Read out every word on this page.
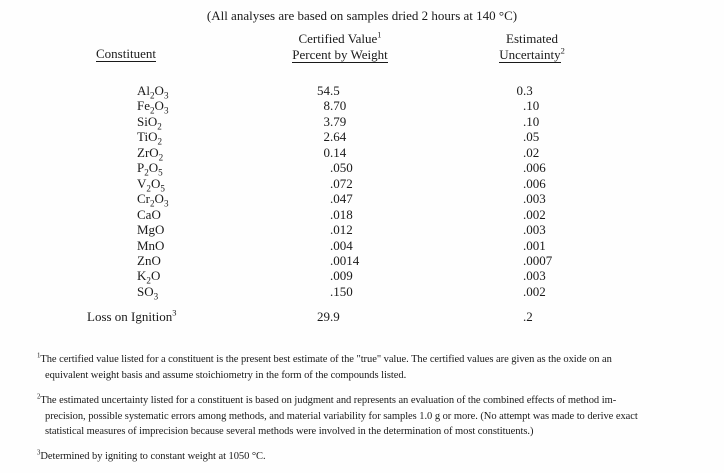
(All analyses are based on samples dried 2 hours at 140 °C)
Constituent
Certified Value$^1$
Percent by Weight
Estimated
Uncertainty$^2$
$Al_2O_3$	54.5	0.3
$Fe_2O_3$	8.70	.10
SiO$_2$	3.79	.10
TiO$_2$	2.64	.05
ZrO$_2$	0.14	.02
$P_2O_5$	.050	.006
$V_2O_5$	.072	.006
$Cr_2O_3$	.047	.003
CaO	.018	.002
MgO	.012	.003
MnO	.004	.001
ZnO	.0014	.0007
$K_2O$	.009	.003
$SO_3$	.150	.002
Loss on Ignition$^3$	29.9	.2
$^1$The certified value listed for a constituent is the present best estimate of the "true" value. The certified values are given as the oxide on an
equivalent weight basis and assume stoichiometry in the form of the compounds listed.
$^2$The estimated uncertainty listed for a constituent is based on judgment and represents an evaluation of the combined effects of method im-
precision, possible systematic errors among methods, and material variability for samples 1.0 g or more. (No attempt was made to derive exact
statistical measures of imprecision because several methods were involved in the determination of most constituents.)
$^3$Determined by igniting to constant weight at 1050 °C.
